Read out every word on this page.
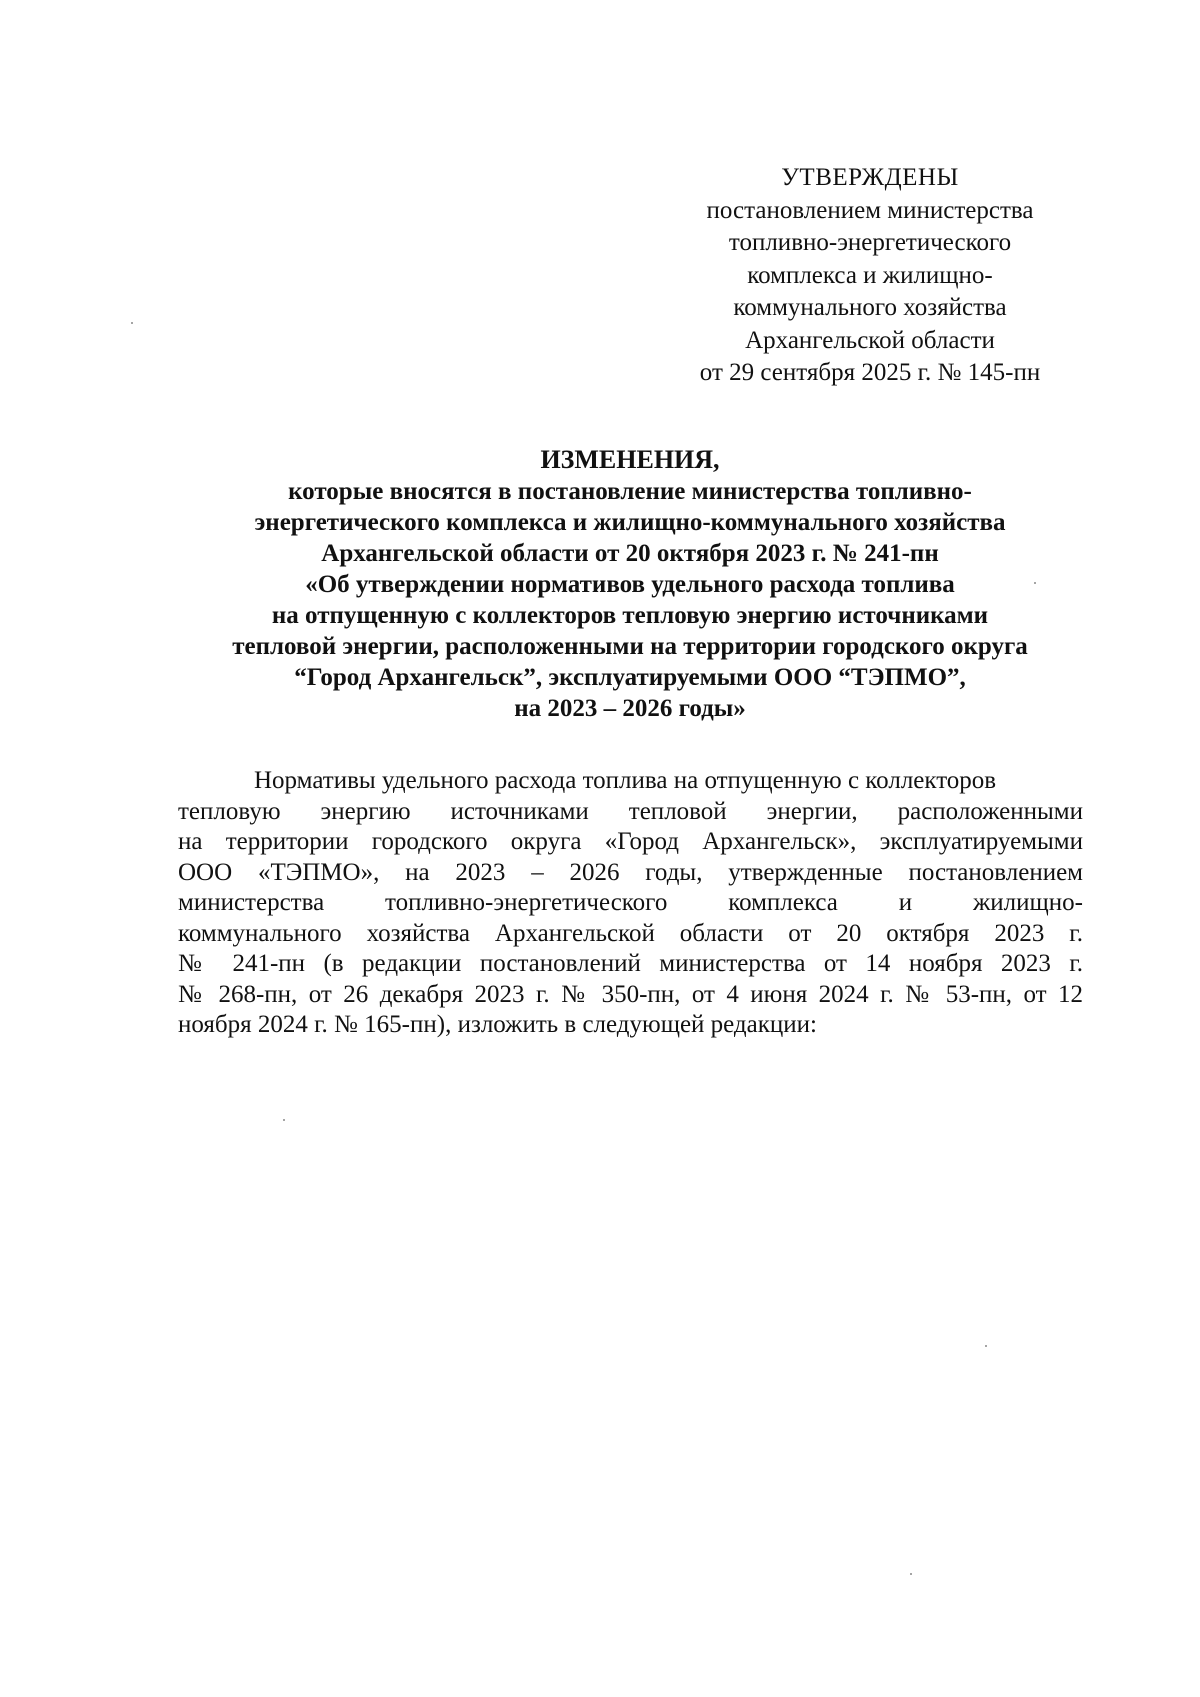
УТВЕРЖДЕНЫ
постановлением министерства
топливно-энергетического
комплекса и жилищно-
коммунального хозяйства
Архангельской области
от 29 сентября 2025 г. № 145-пн
ИЗМЕНЕНИЯ,
которые вносятся в постановление министерства топливно-
энергетического комплекса и жилищно-коммунального хозяйства
Архангельской области от 20 октября 2023 г. № 241-пн
«Об утверждении нормативов удельного расхода топлива
на отпущенную с коллекторов тепловую энергию источниками
тепловой энергии, расположенными на территории городского округа
“Город Архангельск”, эксплуатируемыми ООО “ТЭПМО”,
на 2023 – 2026 годы»
Нормативы удельного расхода топлива на отпущенную с коллекторов
тепловую энергию источниками тепловой энергии, расположенными
на территории городского округа «Город Архангельск», эксплуатируемыми
ООО «ТЭПМО», на 2023 – 2026 годы, утвержденные постановлением
министерства топливно-энергетического комплекса и жилищно-
коммунального хозяйства Архангельской области от 20 октября 2023 г.
№ 241-пн (в редакции постановлений министерства от 14 ноября 2023 г.
№ 268-пн, от 26 декабря 2023 г. № 350-пн, от 4 июня 2024 г. № 53-пн, от 12
ноября 2024 г. № 165-пн), изложить в следующей редакции:
